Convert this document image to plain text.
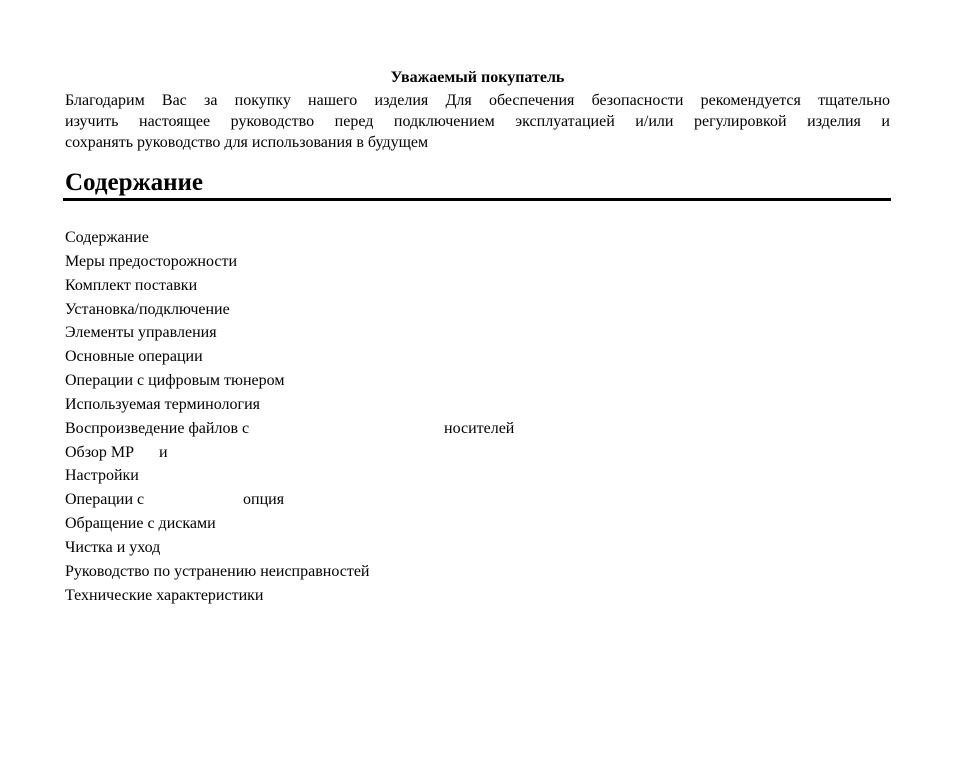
Уважаемый покупатель
Благодарим Вас за покупку нашего изделия Для обеспечения безопасности рекомендуется тщательно
изучить настоящее руководство перед подключением эксплуатацией и/или регулировкой изделия и
сохранять руководство для использования в будущем
Содержание
Содержание
Меры предосторожности
Комплект поставки
Установка/подключение
Элементы управления
Основные операции
Операции с цифровым тюнером
Используемая терминология
Воспроизведение файлов с	носителей
Обзор MP и
Настройки
Операции с	опция
Обращение с дисками
Чистка и уход
Руководство по устранению неисправностей
Технические характеристики
